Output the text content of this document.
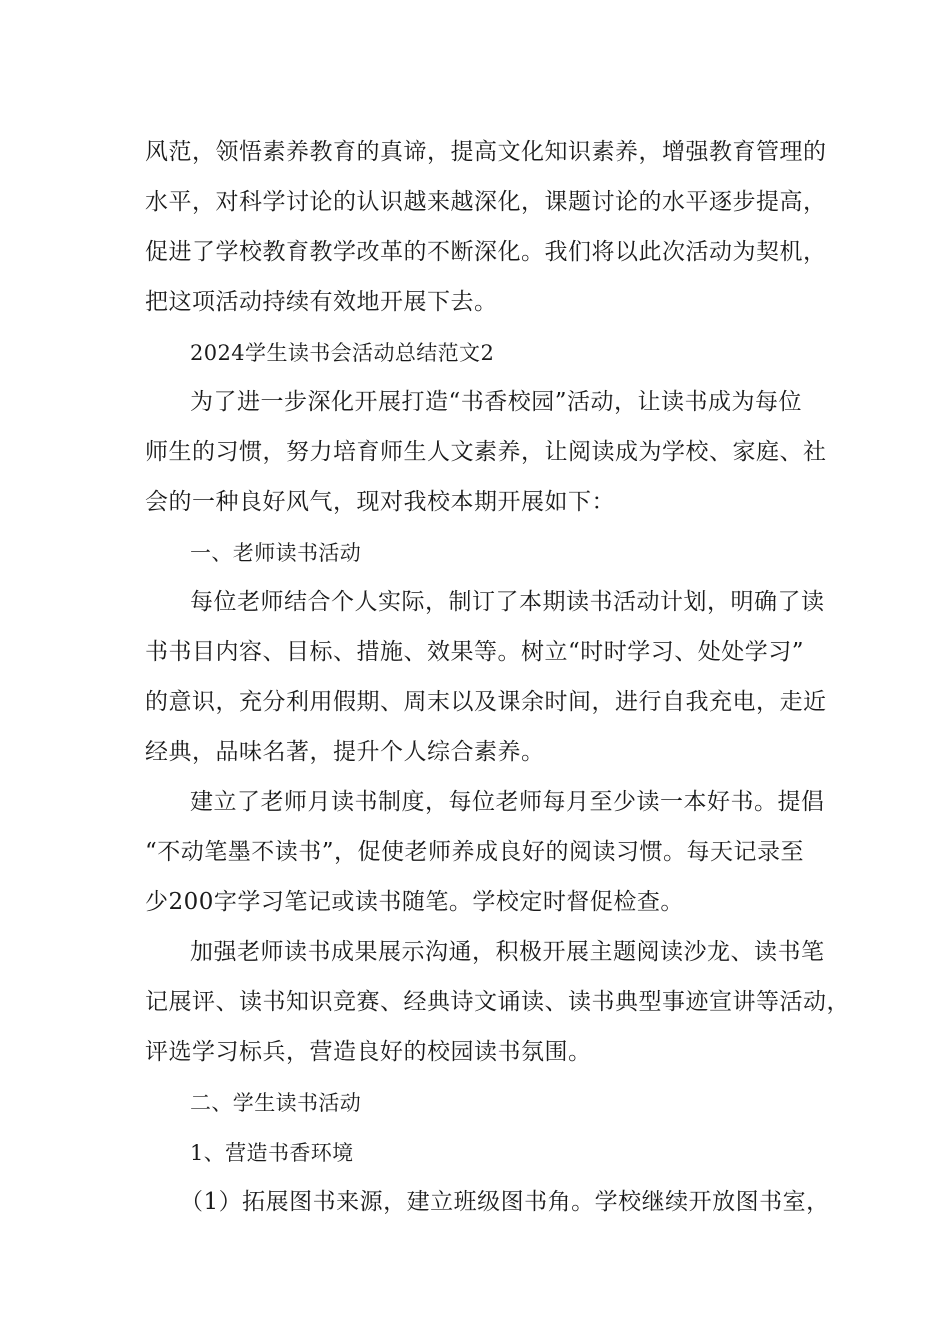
风范，领悟素养教育的真谛，提高文化知识素养，增强教育管理的
水平，对科学讨论的认识越来越深化，课题讨论的水平逐步提高，
促进了学校教育教学改革的不断深化。我们将以此次活动为契机，
把这项活动持续有效地开展下去。
2024学生读书会活动总结范文2
为了进一步深化开展打造“书香校园”活动，让读书成为每位
师生的习惯，努力培育师生人文素养，让阅读成为学校、家庭、社
会的一种良好风气，现对我校本期开展如下：
一、老师读书活动
每位老师结合个人实际，制订了本期读书活动计划，明确了读
书书目内容、目标、措施、效果等。树立“时时学习、处处学习”
的意识，充分利用假期、周末以及课余时间，进行自我充电，走近
经典，品味名著，提升个人综合素养。
建立了老师月读书制度，每位老师每月至少读一本好书。提倡
“不动笔墨不读书”，促使老师养成良好的阅读习惯。每天记录至
少200字学习笔记或读书随笔。学校定时督促检查。
加强老师读书成果展示沟通，积极开展主题阅读沙龙、读书笔
记展评、读书知识竞赛、经典诗文诵读、读书典型事迹宣讲等活动，
评选学习标兵，营造良好的校园读书氛围。
二、学生读书活动
1、营造书香环境
（1）拓展图书来源，建立班级图书角。学校继续开放图书室，
